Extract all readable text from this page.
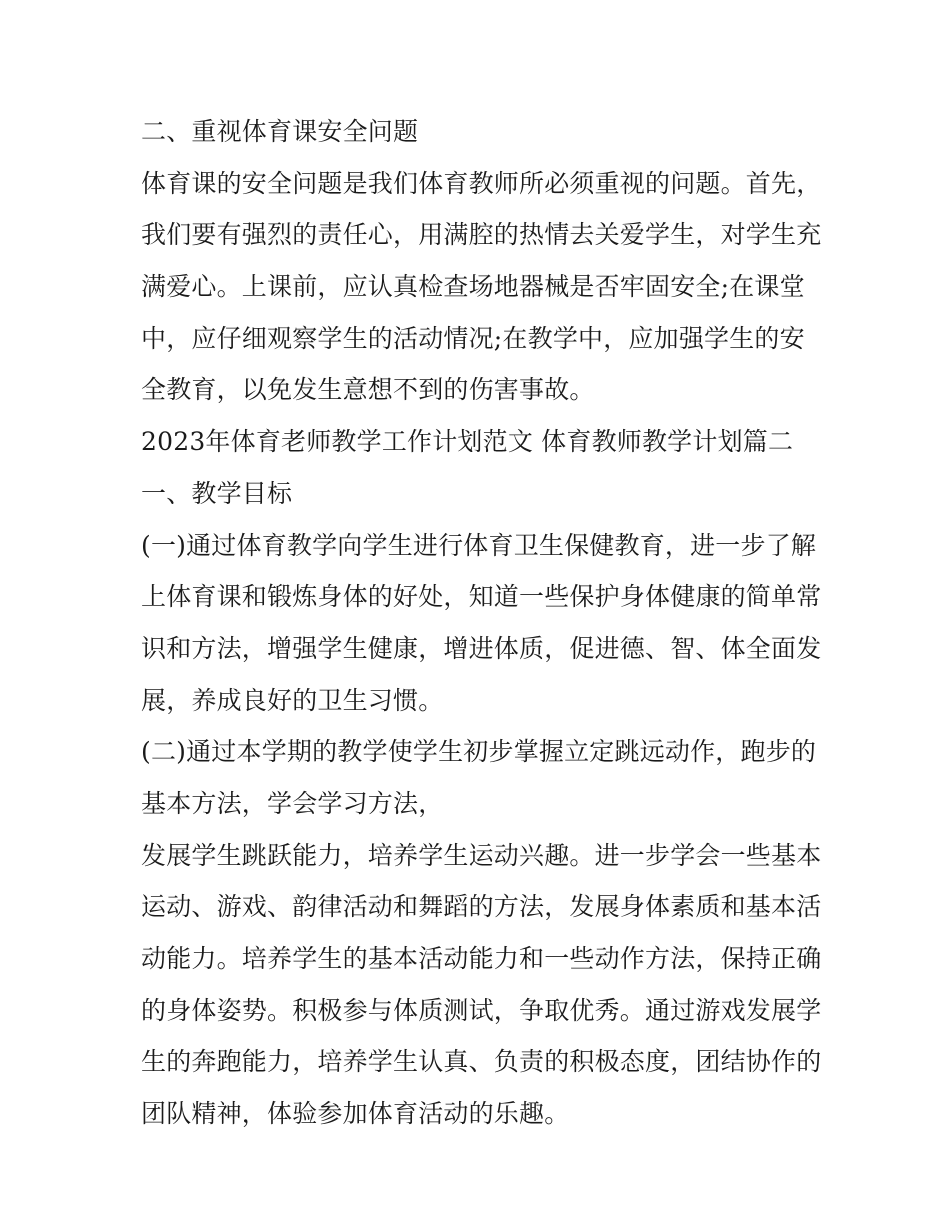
二、重视体育课安全问题
体育课的安全问题是我们体育教师所必须重视的问题。首先，
我们要有强烈的责任心，用满腔的热情去关爱学生，对学生充
满爱心。上课前，应认真检查场地器械是否牢固安全;在课堂
中，应仔细观察学生的活动情况;在教学中，应加强学生的安
全教育，以免发生意想不到的伤害事故。
2023年体育老师教学工作计划范文 体育教师教学计划篇二
一、教学目标
(一)通过体育教学向学生进行体育卫生保健教育，进一步了解
上体育课和锻炼身体的好处，知道一些保护身体健康的简单常
识和方法，增强学生健康，增进体质，促进德、智、体全面发
展，养成良好的卫生习惯。
(二)通过本学期的教学使学生初步掌握立定跳远动作，跑步的
基本方法，学会学习方法，
发展学生跳跃能力，培养学生运动兴趣。进一步学会一些基本
运动、游戏、韵律活动和舞蹈的方法，发展身体素质和基本活
动能力。培养学生的基本活动能力和一些动作方法，保持正确
的身体姿势。积极参与体质测试，争取优秀。通过游戏发展学
生的奔跑能力，培养学生认真、负责的积极态度，团结协作的
团队精神，体验参加体育活动的乐趣。
